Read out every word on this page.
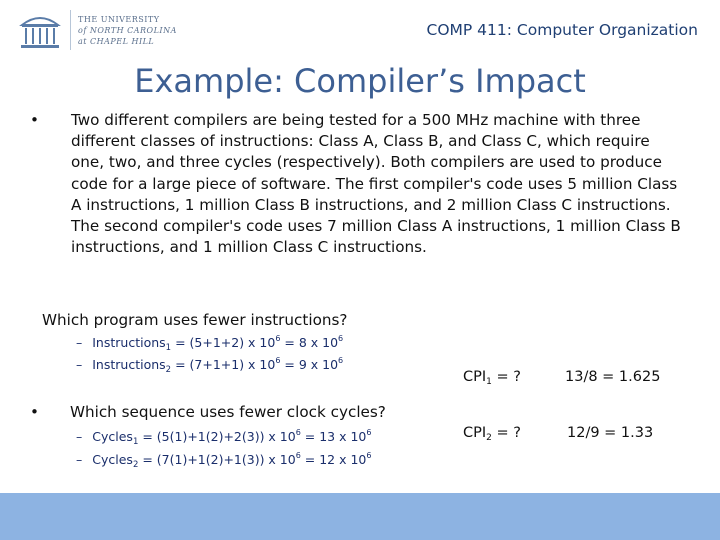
THE UNIVERSITY
of NORTH CAROLINA
at CHAPEL HILL
COMP 411: Computer Organization
Example: Compiler’s Impact
• Two different compilers are being tested for a 500 MHz machine with three different classes of instructions: Class A, Class B, and Class C, which require one, two, and three cycles (respectively). Both compilers are used to produce code for a large piece of software. The first compiler's code uses 5 million Class A instructions, 1 million Class B instructions, and 2 million Class C instructions. The second compiler's code uses 7 million Class A instructions, 1 million Class B instructions, and 1 million Class C instructions.
Which program uses fewer instructions?
– Instructions$_1$ = (5+1+2) x $10^6 = 8$ x $10^6$
– Instructions$_2$ = (7+1+1) x $10^6 = 9$ x $10^6$
• Which sequence uses fewer clock cycles?
– Cycles$_1$ = (5(1)+1(2)+2(3)) x $10^6 = 13$ x $10^6$
– Cycles$_2$ = (7(1)+1(2)+1(3)) x $10^6 = 12$ x $10^6$
$CPI_1$ = ?	13/8 = 1.625
$CPI_2$ = ?	12/9 = 1.33
